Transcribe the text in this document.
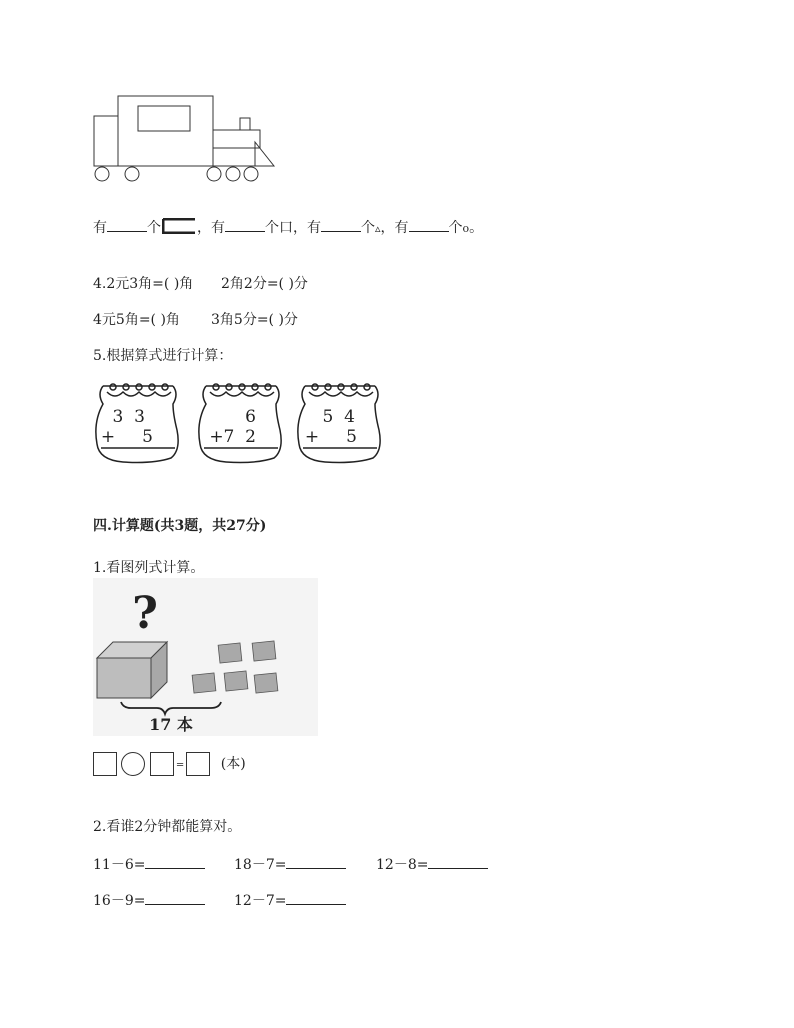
有	个	，有	个口，有	个▵，有	个o。
4.2元3角=( )角 2角2分=( )分
4元5角=( )角 3角5分=( )分
5.根据算式进行计算：
3  3
+     5
6
+7  2
5  4
+     5
四.计算题(共3题，共27分)
1.看图列式计算。
?
17 本
=	(本)
2.看谁2分钟都能算对。
11－6=	18－7=	12－8=
16－9=	12－7=
